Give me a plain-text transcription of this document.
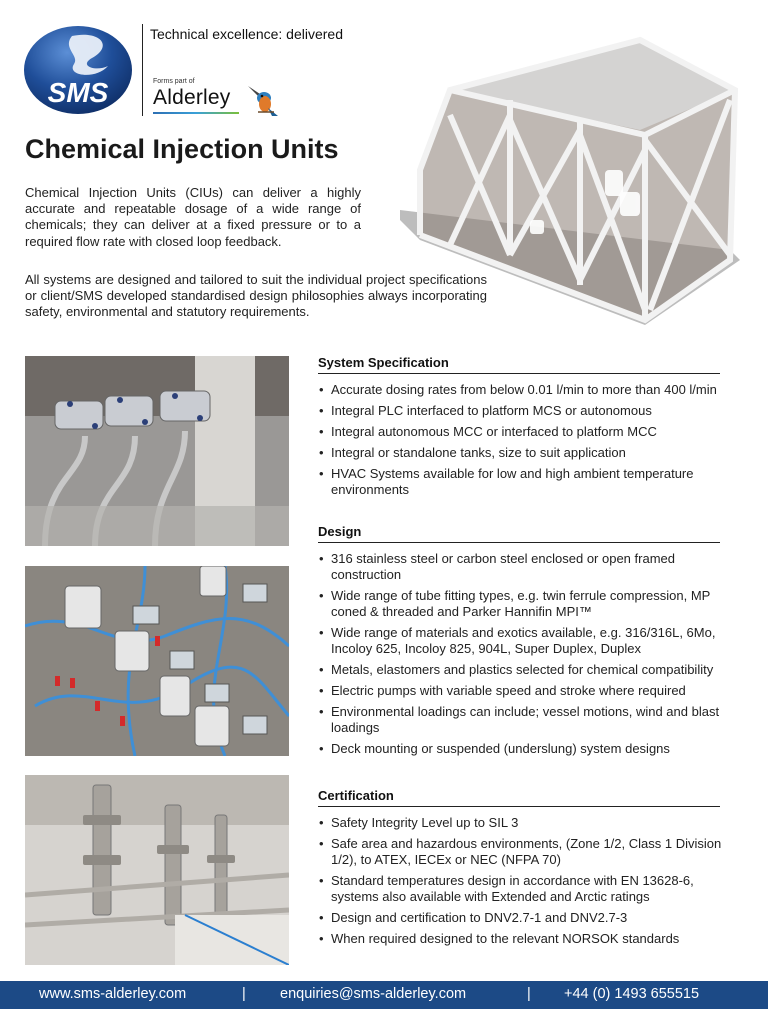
SMS
Technical excellence: delivered
Forms part of
Alderley
Chemical Injection Units

Chemical Injection Units (CIUs) can deliver a highly accurate and repeatable dosage of a wide range of chemicals; they can deliver at a fixed pressure or to a required flow rate with closed loop feedback.

All systems are designed and tailored to suit the individual project specifications or client/SMS developed standardised design philosophies always incorporating safety, environmental and statutory requirements.

System Specification
• Accurate dosing rates from below 0.01 l/min to more than 400 l/min
• Integral PLC interfaced to platform MCS or autonomous
• Integral autonomous MCC or interfaced to platform MCC
• Integral or standalone tanks, size to suit application
• HVAC Systems available for low and high ambient temperature environments
Design
• 316 stainless steel or carbon steel enclosed or open framed construction
• Wide range of tube fitting types, e.g. twin ferrule compression, MP coned & threaded and Parker Hannifin MPI™
• Wide range of materials and exotics available, e.g. 316/316L, 6Mo, Incoloy 625, Incoloy 825, 904L, Super Duplex, Duplex
• Metals, elastomers and plastics selected for chemical compatibility
• Electric pumps with variable speed and stroke where required
• Environmental loadings can include; vessel motions, wind and blast loadings
• Deck mounting or suspended (underslung) system designs
Certification
• Safety Integrity Level up to SIL 3
• Safe area and hazardous environments, (Zone 1/2, Class 1 Division 1/2), to ATEX, IECEx or NEC (NFPA 70)
• Standard temperatures design in accordance with EN 13628-6, systems also available with Extended and Arctic ratings
• Design and certification to DNV2.7-1 and DNV2.7-3
• When required designed to the relevant NORSOK standards
www.sms-alderley.com	| enquiries@sms-alderley.com	| +44 (0) 1493 655515
